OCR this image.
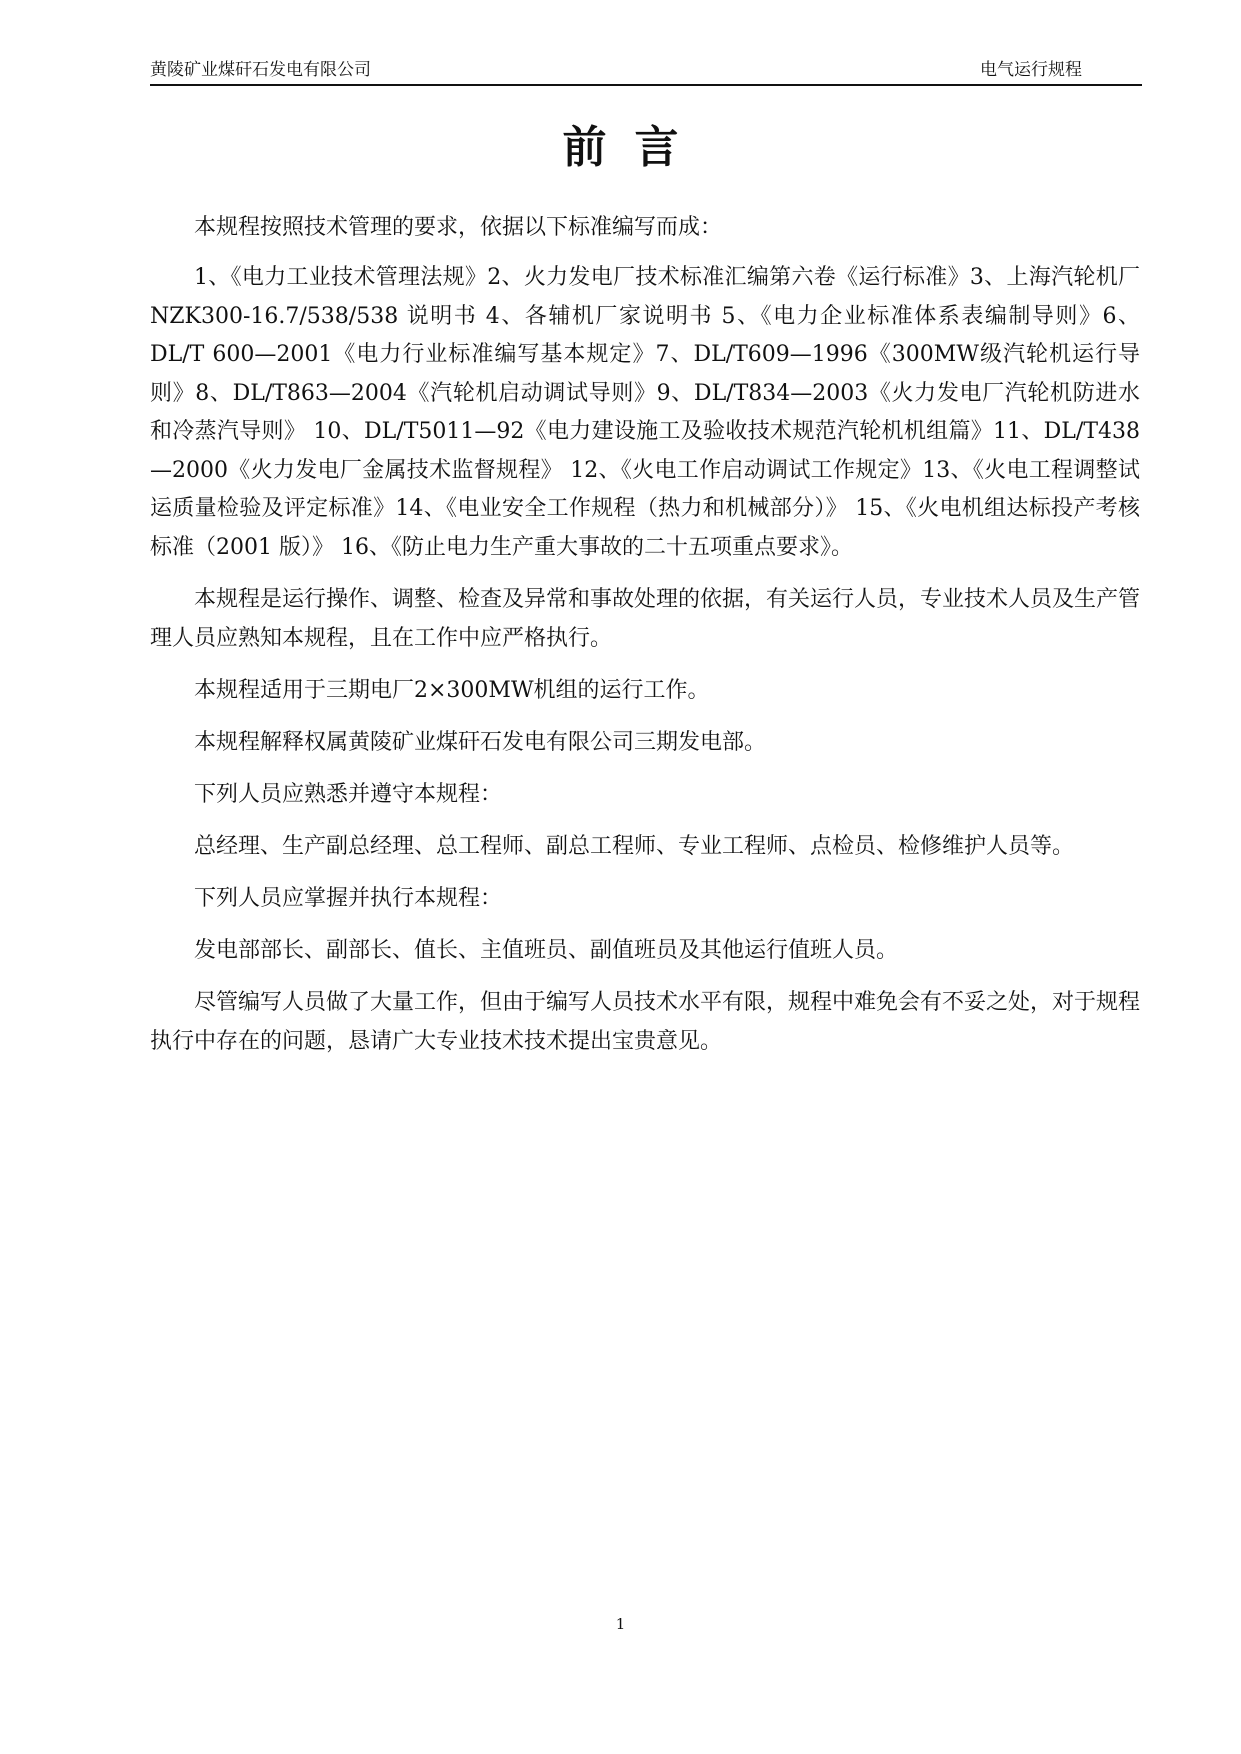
黄陵矿业煤矸石发电有限公司	电气运行规程
前言

本规程按照技术管理的要求，依据以下标准编写而成：

1、《电力工业技术管理法规》2、火力发电厂技术标准汇编第六卷《运行标准》3、上海汽轮机厂 NZK300-16.7/538/538 说明书 4、各辅机厂家说明书 5、《电力企业标准体系表编制导则》6、DL/T 600—2001《电力行业标准编写基本规定》7、DL/T609—1996《300MW级汽轮机运行导则》8、DL/T863—2004《汽轮机启动调试导则》9、DL/T834—2003《火力发电厂汽轮机防进水和冷蒸汽导则》 10、DL/T5011—92《电力建设施工及验收技术规范汽轮机机组篇》11、DL/T438—2000《火力发电厂金属技术监督规程》 12、《火电工作启动调试工作规定》13、《火电工程调整试运质量检验及评定标准》14、《电业安全工作规程（热力和机械部分）》 15、《火电机组达标投产考核标准（2001 版）》 16、《防止电力生产重大事故的二十五项重点要求》。

本规程是运行操作、调整、检查及异常和事故处理的依据，有关运行人员，专业技术人员及生产管理人员应熟知本规程，且在工作中应严格执行。

本规程适用于三期电厂2×300MW机组的运行工作。

本规程解释权属黄陵矿业煤矸石发电有限公司三期发电部。

下列人员应熟悉并遵守本规程：

总经理、生产副总经理、总工程师、副总工程师、专业工程师、点检员、检修维护人员等。

下列人员应掌握并执行本规程：

发电部部长、副部长、值长、主值班员、副值班员及其他运行值班人员。

尽管编写人员做了大量工作，但由于编写人员技术水平有限，规程中难免会有不妥之处，对于规程执行中存在的问题，恳请广大专业技术技术提出宝贵意见。

1
